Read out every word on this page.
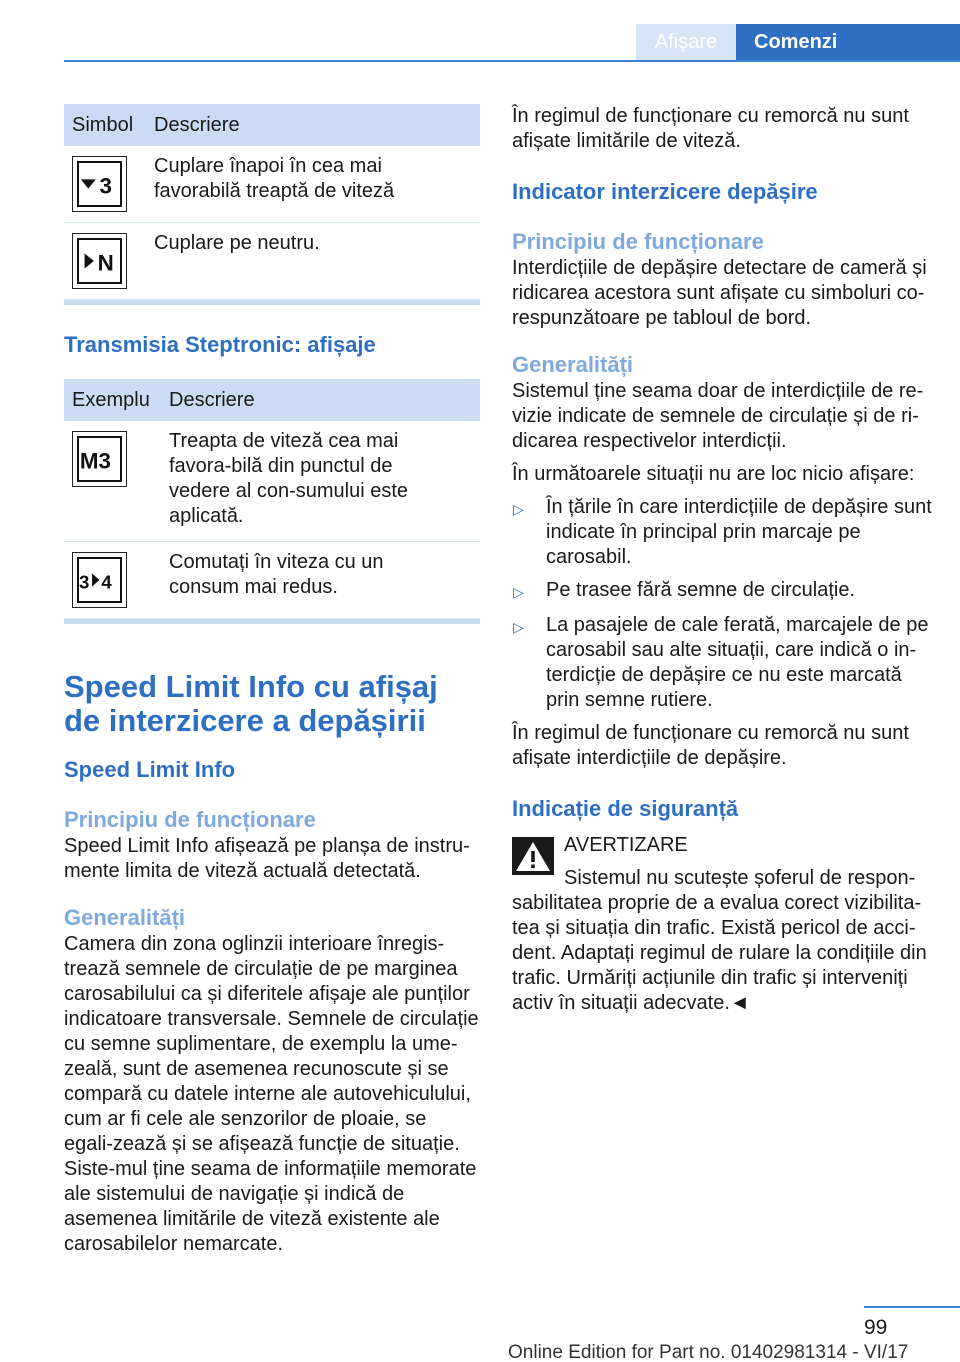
Afișare	Comenzi
Simbol	Descriere

3	Cuplare înapoi în cea mai favorabilă treaptă de viteză

N	Cuplare pe neutru.
Transmisia Steptronic: afișaje
Exemplu	Descriere

M3	Treapta de viteză cea mai favora-bilă din punctul de vedere al con-sumului este aplicată.

3 4	Comutați în viteza cu un consum mai redus.
Speed Limit Info cu afișaj de interzicere a depășirii
Speed Limit Info
Principiu de funcționare
Speed Limit Info afișează pe planșa de instru-mente limita de viteză actuală detectată.
Generalități
Camera din zona oglinzii interioare înregis-trează semnele de circulație de pe marginea carosabilului ca și diferitele afișaje ale punților indicatoare transversale. Semnele de circulație cu semne suplimentare, de exemplu la ume-zeală, sunt de asemenea recunoscute și se compară cu datele interne ale autovehiculului, cum ar fi cele ale senzorilor de ploaie, se egali-zează și se afișează funcție de situație. Siste-mul ține seama de informațiile memorate ale sistemului de navigație și indică de asemenea limitările de viteză existente ale carosabilelor nemarcate.
În regimul de funcționare cu remorcă nu sunt afișate limitările de viteză.
Indicator interzicere depășire
Principiu de funcționare
Interdicțiile de depășire detectare de cameră și ridicarea acestora sunt afișate cu simboluri co-respunzătoare pe tabloul de bord.
Generalități
Sistemul ține seama doar de interdicțiile de re-vizie indicate de semnele de circulație și de ri-dicarea respectivelor interdicții.
În următoarele situații nu are loc nicio afișare:
▷	În țările în care interdicțiile de depășire sunt indicate în principal prin marcaje pe carosabil.
▷	Pe trasee fără semne de circulație.
▷	La pasajele de cale ferată, marcajele de pe carosabil sau alte situații, care indică o in-terdicție de depășire ce nu este marcată prin semne rutiere.
În regimul de funcționare cu remorcă nu sunt afișate interdicțiile de depășire.
Indicație de siguranță
AVERTIZARE
Sistemul nu scutește șoferul de respon-
sabilitatea proprie de a evalua corect vizibilita-tea și situația din trafic. Există pericol de acci-dent. Adaptați regimul de rulare la condițiile din trafic. Urmăriți acțiunile din trafic și interveniți activ în situații adecvate.◄
99
Online Edition for Part no. 01402981314 - VI/17
